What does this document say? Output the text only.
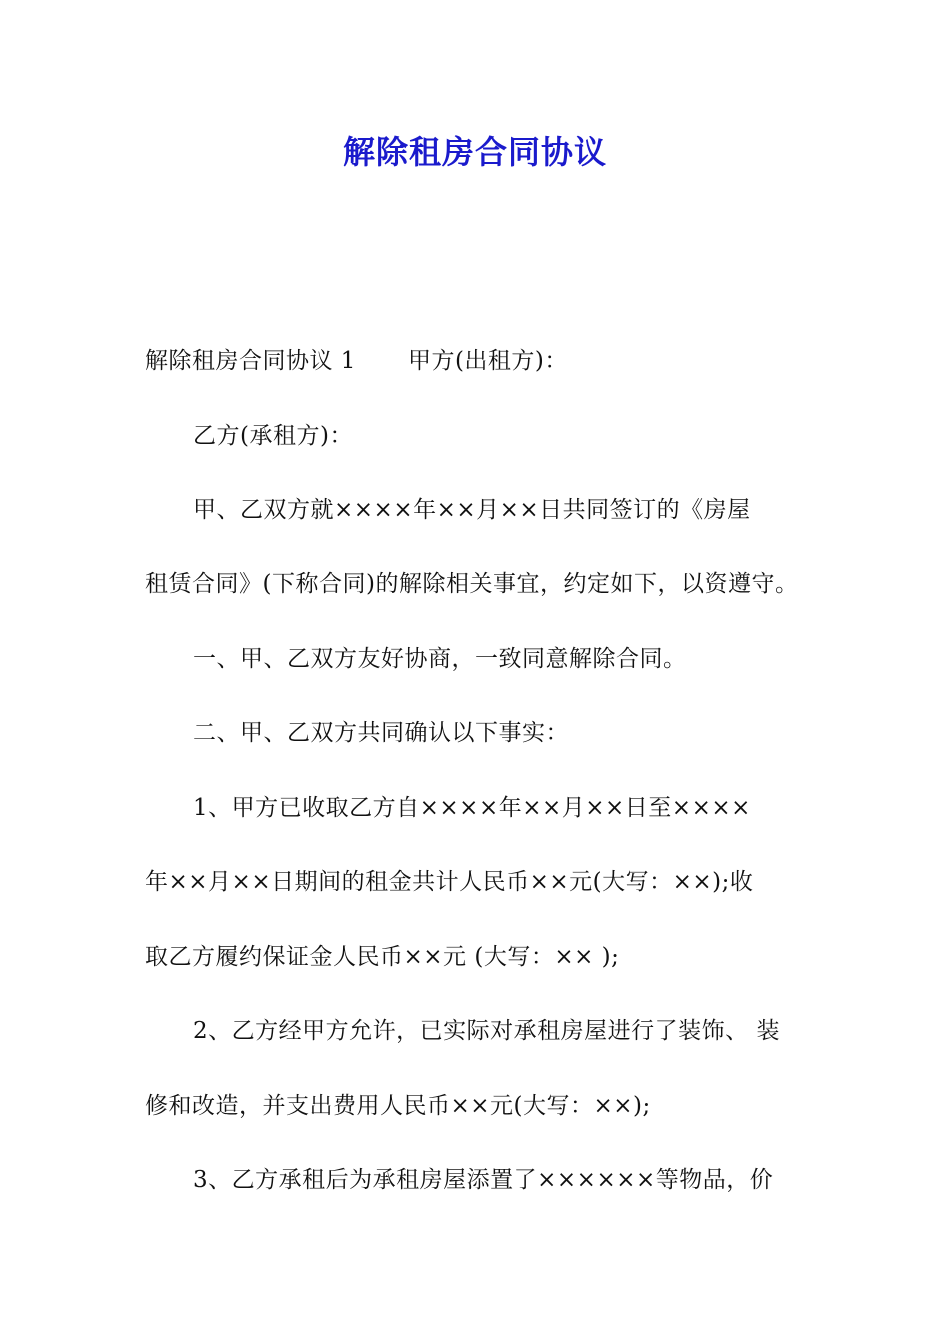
解除租房合同协议
解除租房合同协议 1 甲方(出租方)：
乙方(承租方)：
甲、乙双方就××××年××月××日共同签订的《房屋
租赁合同》(下称合同)的解除相关事宜，约定如下，以资遵守。
一、甲、乙双方友好协商，一致同意解除合同。
二、甲、乙双方共同确认以下事实：
1、甲方已收取乙方自××××年××月××日至××××
年××月××日期间的租金共计人民币××元(大写：××);收
取乙方履约保证金人民币××元 (大写：×× );
2、乙方经甲方允许，已实际对承租房屋进行了装饰、 装
修和改造，并支出费用人民币××元(大写：××);
3、乙方承租后为承租房屋添置了××××××等物品，价
